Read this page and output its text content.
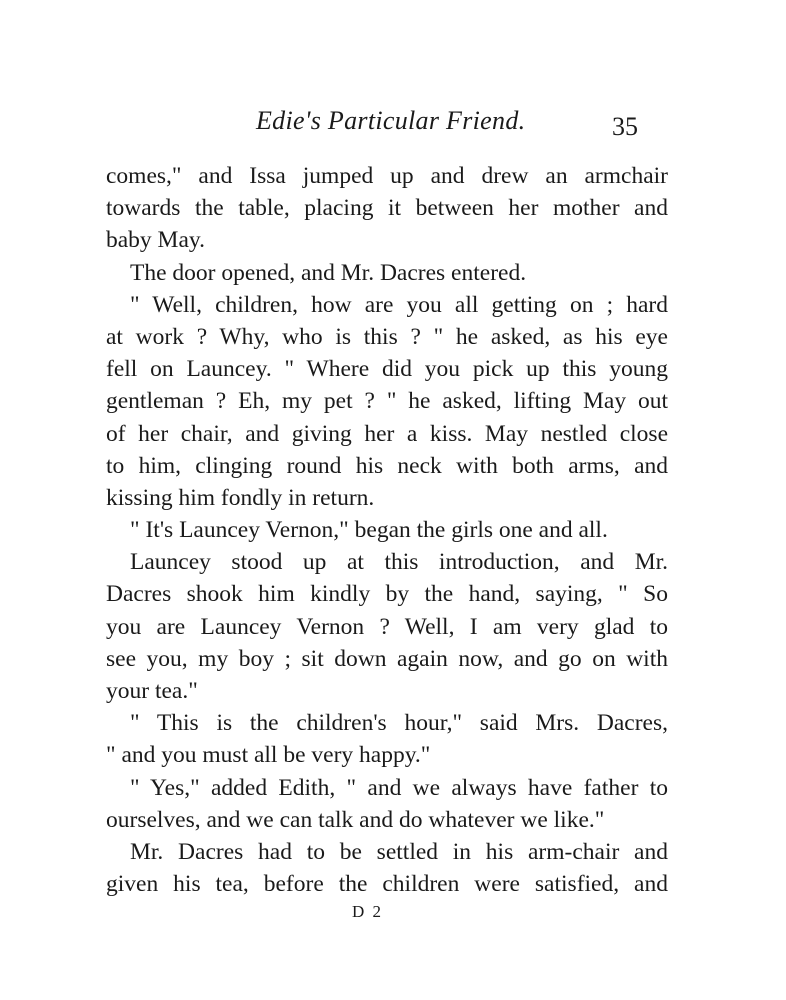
Edie's Particular Friend.	35
comes," and Issa jumped up and drew an armchair
towards the table, placing it between her mother and
baby May.
The door opened, and Mr. Dacres entered.
" Well, children, how are you all getting on ; hard
at work ? Why, who is this ? " he asked, as his eye
fell on Launcey. " Where did you pick up this young
gentleman ? Eh, my pet ? " he asked, lifting May out
of her chair, and giving her a kiss. May nestled close
to him, clinging round his neck with both arms, and
kissing him fondly in return.
" It's Launcey Vernon," began the girls one and all.
Launcey stood up at this introduction, and Mr.
Dacres shook him kindly by the hand, saying, " So
you are Launcey Vernon ? Well, I am very glad to
see you, my boy ; sit down again now, and go on with
your tea."
" This is the children's hour," said Mrs. Dacres,
" and you must all be very happy."
" Yes," added Edith, " and we always have father to
ourselves, and we can talk and do whatever we like."
Mr. Dacres had to be settled in his arm-chair and
given his tea, before the children were satisfied, and
D 2
